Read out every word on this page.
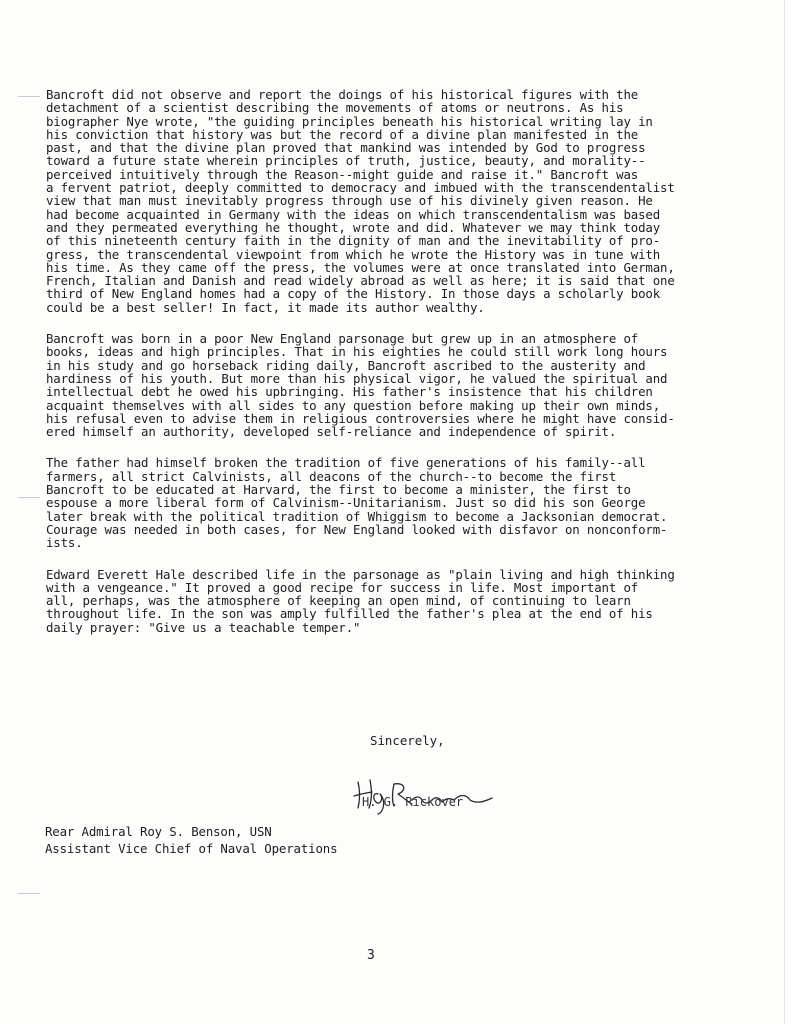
Bancroft did not observe and report the doings of his historical figures with the
detachment of a scientist describing the movements of atoms or neutrons. As his
biographer Nye wrote, "the guiding principles beneath his historical writing lay in
his conviction that history was but the record of a divine plan manifested in the
past, and that the divine plan proved that mankind was intended by God to progress
toward a future state wherein principles of truth, justice, beauty, and morality--
perceived intuitively through the Reason--might guide and raise it." Bancroft was
a fervent patriot, deeply committed to democracy and imbued with the transcendentalist
view that man must inevitably progress through use of his divinely given reason. He
had become acquainted in Germany with the ideas on which transcendentalism was based
and they permeated everything he thought, wrote and did. Whatever we may think today
of this nineteenth century faith in the dignity of man and the inevitability of pro-
gress, the transcendental viewpoint from which he wrote the History was in tune with
his time. As they came off the press, the volumes were at once translated into German,
French, Italian and Danish and read widely abroad as well as here; it is said that one
third of New England homes had a copy of the History. In those days a scholarly book
could be a best seller! In fact, it made its author wealthy.
Bancroft was born in a poor New England parsonage but grew up in an atmosphere of
books, ideas and high principles. That in his eighties he could still work long hours
in his study and go horseback riding daily, Bancroft ascribed to the austerity and
hardiness of his youth. But more than his physical vigor, he valued the spiritual and
intellectual debt he owed his upbringing. His father's insistence that his children
acquaint themselves with all sides to any question before making up their own minds,
his refusal even to advise them in religious controversies where he might have consid-
ered himself an authority, developed self-reliance and independence of spirit.
The father had himself broken the tradition of five generations of his family--all
farmers, all strict Calvinists, all deacons of the church--to become the first
Bancroft to be educated at Harvard, the first to become a minister, the first to
espouse a more liberal form of Calvinism--Unitarianism. Just so did his son George
later break with the political tradition of Whiggism to become a Jacksonian democrat.
Courage was needed in both cases, for New England looked with disfavor on nonconform-
ists.
Edward Everett Hale described life in the parsonage as "plain living and high thinking
with a vengeance." It proved a good recipe for success in life. Most important of
all, perhaps, was the atmosphere of keeping an open mind, of continuing to learn
throughout life. In the son was amply fulfilled the father's plea at the end of his
daily prayer: "Give us a teachable temper."
Sincerely,
H. G. Rickover
Rear Admiral Roy S. Benson, USN
Assistant Vice Chief of Naval Operations
3
